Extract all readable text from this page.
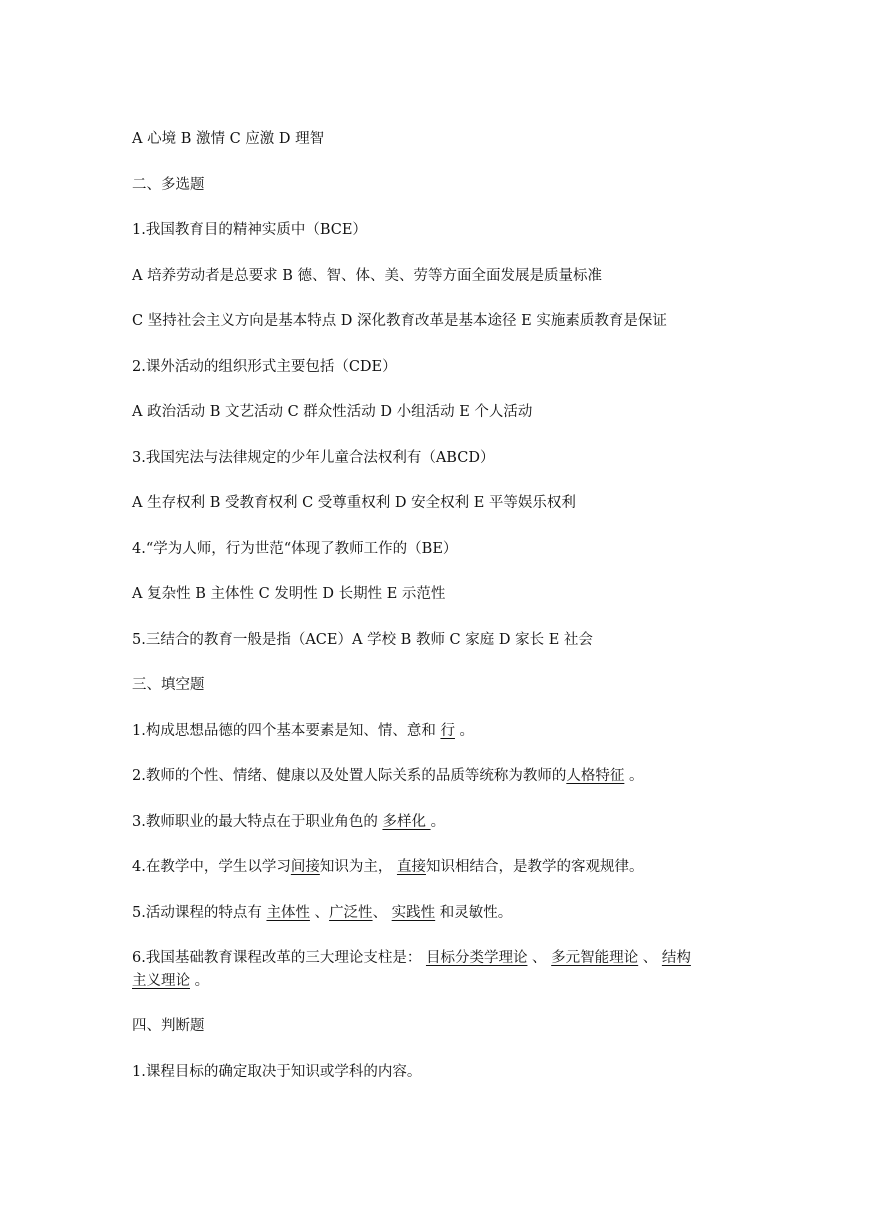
A 心境 B 激情 C 应激 D 理智
二、多选题
1.我国教育目的精神实质中（BCE）
A 培养劳动者是总要求 B 德、智、体、美、劳等方面全面发展是质量标准
C 坚持社会主义方向是基本特点 D 深化教育改革是基本途径 E 实施素质教育是保证
2.课外活动的组织形式主要包括（CDE）
A 政治活动 B 文艺活动 C 群众性活动 D 小组活动 E 个人活动
3.我国宪法与法律规定的少年儿童合法权利有（ABCD）
A 生存权利 B 受教育权利 C 受尊重权利 D 安全权利 E 平等娱乐权利
4.“学为人师，行为世范“体现了教师工作的（BE）
A 复杂性 B 主体性 C 发明性 D 长期性 E 示范性
5.三结合的教育一般是指（ACE）A 学校 B 教师 C 家庭 D 家长 E 社会
三、填空题
1.构成思想品德的四个基本要素是知、情、意和 行 。
2.教师的个性、情绪、健康以及处置人际关系的品质等统称为教师的人格特征 。
3.教师职业的最大特点在于职业角色的 多样化 。
4.在教学中，学生以学习间接知识为主， 直接知识相结合，是教学的客观规律。
5.活动课程的特点有 主体性 、广泛性、 实践性 和灵敏性。
6.我国基础教育课程改革的三大理论支柱是： 目标分类学理论 、 多元智能理论 、 结构
主义理论 。
四、判断题
1.课程目标的确定取决于知识或学科的内容。
